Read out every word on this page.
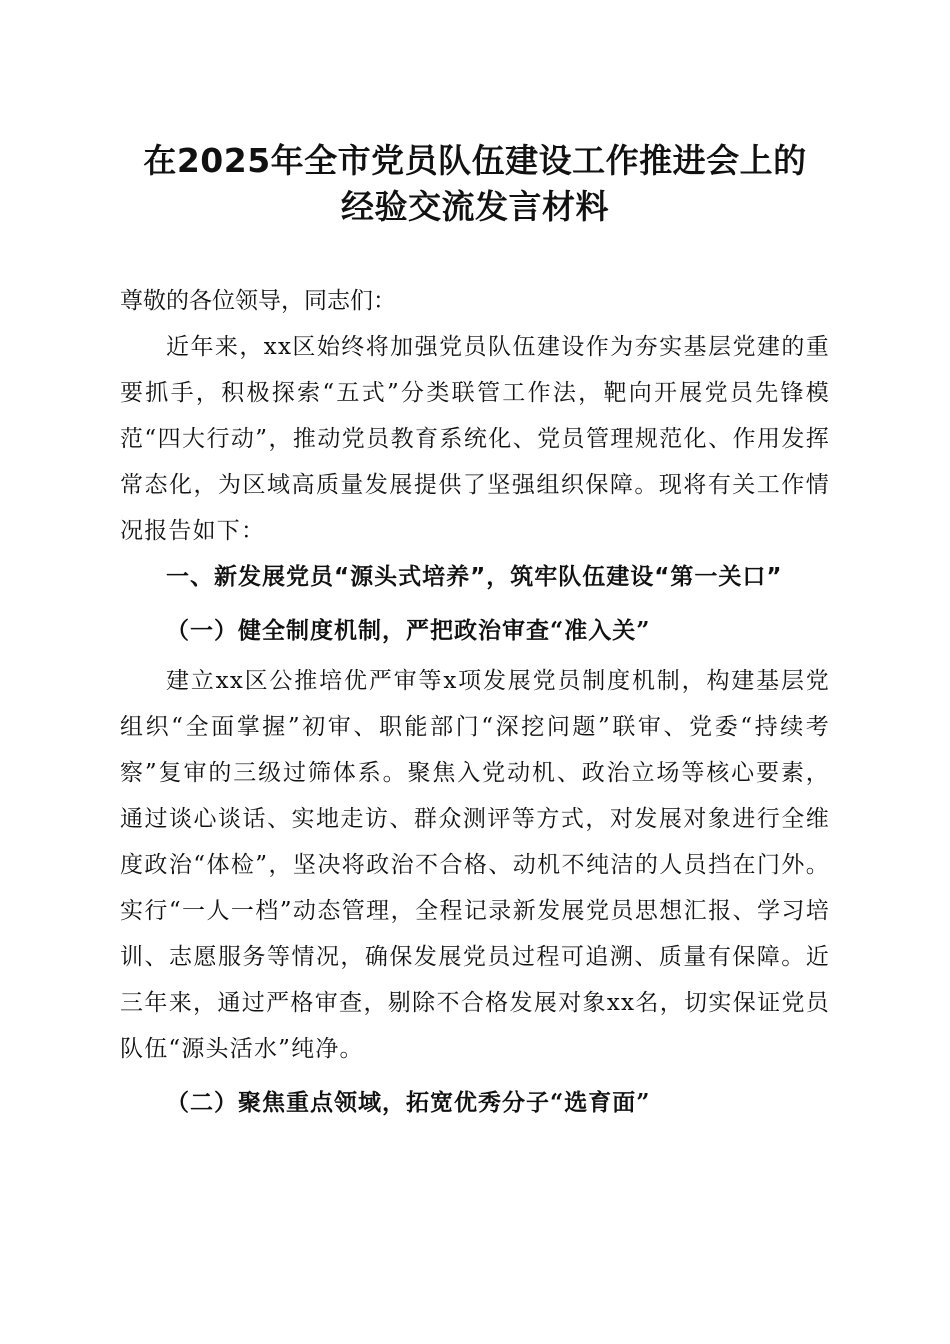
在2025年全市党员队伍建设工作推进会上的
经验交流发言材料
尊敬的各位领导，同志们：

近年来，xx区始终将加强党员队伍建设作为夯实基层党建的重要抓手，积极探索“五式”分类联管工作法，靶向开展党员先锋模范“四大行动”，推动党员教育系统化、党员管理规范化、作用发挥常态化，为区域高质量发展提供了坚强组织保障。现将有关工作情况报告如下：

一、新发展党员“源头式培养”，筑牢队伍建设“第一关口”
（一）健全制度机制，严把政治审查“准入关”

建立xx区公推培优严审等x项发展党员制度机制，构建基层党组织“全面掌握”初审、职能部门“深挖问题”联审、党委“持续考察”复审的三级过筛体系。聚焦入党动机、政治立场等核心要素，通过谈心谈话、实地走访、群众测评等方式，对发展对象进行全维度政治“体检”，坚决将政治不合格、动机不纯洁的人员挡在门外。实行“一人一档”动态管理，全程记录新发展党员思想汇报、学习培训、志愿服务等情况，确保发展党员过程可追溯、质量有保障。近三年来，通过严格审查，剔除不合格发展对象xx名，切实保证党员队伍“源头活水”纯净。

（二）聚焦重点领域，拓宽优秀分子“选育面”
